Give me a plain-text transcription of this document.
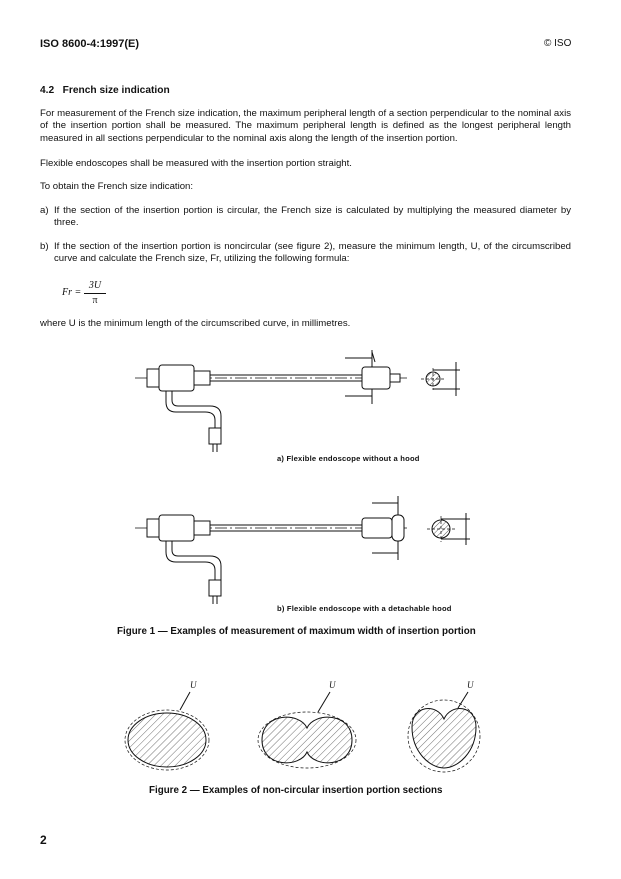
ISO 8600-4:1997(E)	© ISO
4.2 French size indication
For measurement of the French size indication, the maximum peripheral length of a section perpendicular to the nominal axis of the insertion portion shall be measured. The maximum peripheral length is defined as the longest peripheral length measured in all sections perpendicular to the nominal axis along the length of the insertion portion.
Flexible endoscopes shall be measured with the insertion portion straight.
To obtain the French size indication:
a) If the section of the insertion portion is circular, the French size is calculated by multiplying the measured diameter by three.
b) If the section of the insertion portion is noncircular (see figure 2), measure the minimum length, U, of the circumscribed curve and calculate the French size, Fr, utilizing the following formula:
Fr =
3U
π
where U is the minimum length of the circumscribed curve, in millimetres.
a) Flexible endoscope without a hood
b) Flexible endoscope with a detachable hood
Figure 1 — Examples of measurement of maximum width of insertion portion
U	U	U
Figure 2 — Examples of non-circular insertion portion sections
2
